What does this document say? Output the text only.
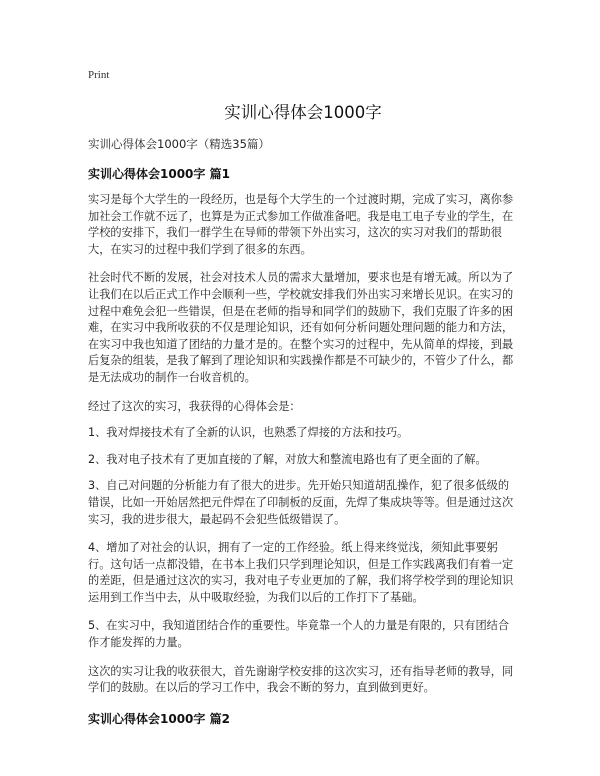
Print
实训心得体会1000字
实训心得体会1000字（精选35篇）
实训心得体会1000字 篇1

实习是每个大学生的一段经历，也是每个大学生的一个过渡时期，完成了实习，离你参加社会工作就不远了，也算是为正式参加工作做准备吧。我是电工电子专业的学生，在学校的安排下，我们一群学生在导师的带领下外出实习，这次的实习对我们的帮助很大，在实习的过程中我们学到了很多的东西。

社会时代不断的发展，社会对技术人员的需求大量增加，要求也是有增无减。所以为了让我们在以后正式工作中会顺利一些，学校就安排我们外出实习来增长见识。在实习的过程中难免会犯一些错误，但是在老师的指导和同学们的鼓励下，我们克服了许多的困难，在实习中我所收获的不仅是理论知识，还有如何分析问题处理问题的能力和方法，在实习中我也知道了团结的力量才是的。在整个实习的过程中，先从简单的焊接，到最后复杂的组装，是我了解到了理论知识和实践操作都是不可缺少的，不管少了什么，都是无法成功的制作一台收音机的。

经过了这次的实习，我获得的心得体会是：

1、我对焊接技术有了全新的认识，也熟悉了焊接的方法和技巧。

2、我对电子技术有了更加直接的了解，对放大和整流电路也有了更全面的了解。

3、自己对问题的分析能力有了很大的进步。先开始只知道胡乱操作，犯了很多低级的错误，比如一开始居然把元件焊在了印制板的反面，先焊了集成块等等。但是通过这次实习，我的进步很大，最起码不会犯些低级错误了。

4、增加了对社会的认识，拥有了一定的工作经验。纸上得来终觉浅，须知此事要躬行。这句话一点都没错，在书本上我们只学到理论知识，但是工作实践离我们有着一定的差距，但是通过这次的实习，我对电子专业更加的了解，我们将学校学到的理论知识运用到工作当中去，从中吸取经验，为我们以后的工作打下了基础。

5、在实习中，我知道团结合作的重要性。毕竟靠一个人的力量是有限的，只有团结合作才能发挥的力量。

这次的实习让我的收获很大，首先谢谢学校安排的这次实习，还有指导老师的教导，同学们的鼓励。在以后的学习工作中，我会不断的努力，直到做到更好。

实训心得体会1000字 篇2
